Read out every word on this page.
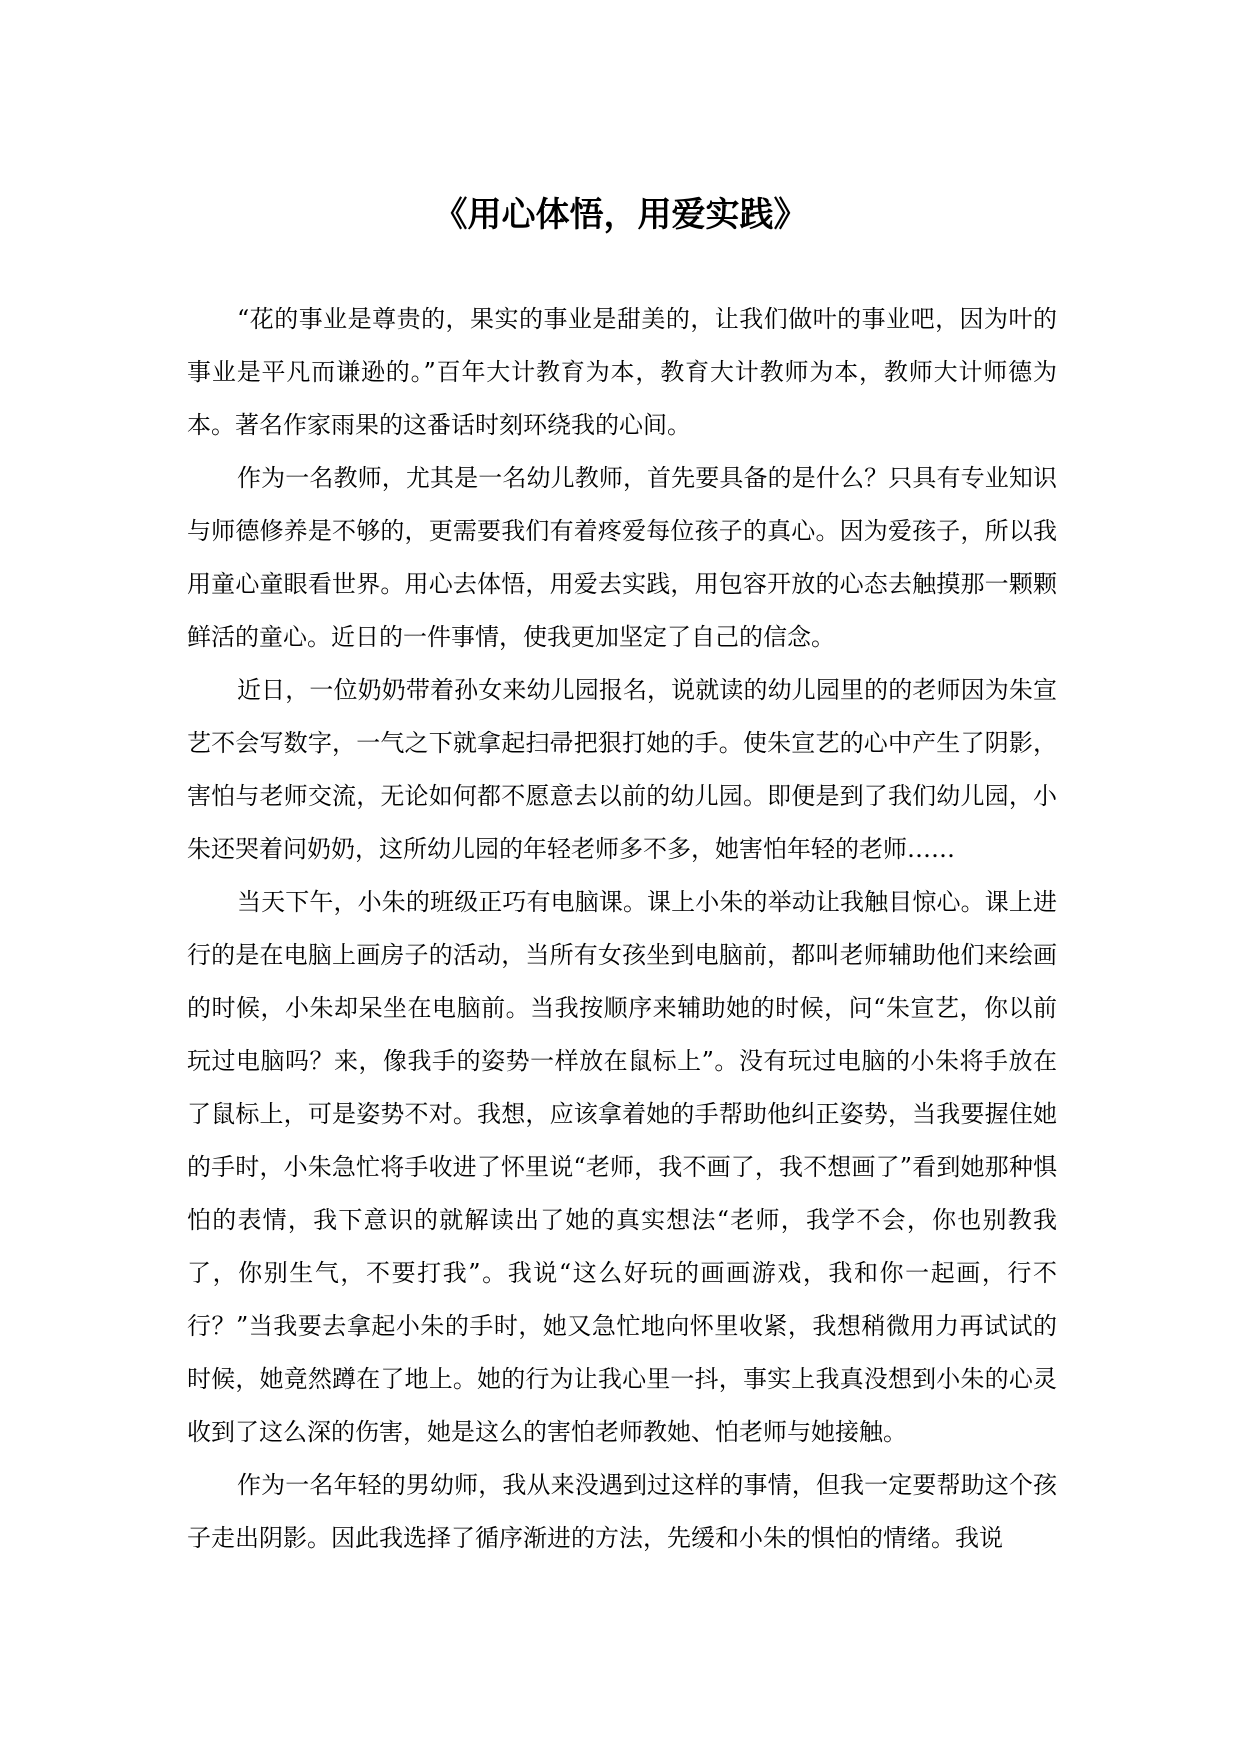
《用心体悟，用爱实践》

“花的事业是尊贵的，果实的事业是甜美的，让我们做叶的事业吧，因为叶的事业是平凡而谦逊的。”百年大计教育为本，教育大计教师为本，教师大计师德为本。著名作家雨果的这番话时刻环绕我的心间。

作为一名教师，尤其是一名幼儿教师，首先要具备的是什么？只具有专业知识与师德修养是不够的，更需要我们有着疼爱每位孩子的真心。因为爱孩子，所以我用童心童眼看世界。用心去体悟，用爱去实践，用包容开放的心态去触摸那一颗颗鲜活的童心。近日的一件事情，使我更加坚定了自己的信念。

近日，一位奶奶带着孙女来幼儿园报名，说就读的幼儿园里的的老师因为朱宣艺不会写数字，一气之下就拿起扫帚把狠打她的手。使朱宣艺的心中产生了阴影，害怕与老师交流，无论如何都不愿意去以前的幼儿园。即便是到了我们幼儿园，小朱还哭着问奶奶，这所幼儿园的年轻老师多不多，她害怕年轻的老师……

当天下午，小朱的班级正巧有电脑课。课上小朱的举动让我触目惊心。课上进行的是在电脑上画房子的活动，当所有女孩坐到电脑前，都叫老师辅助他们来绘画的时候，小朱却呆坐在电脑前。当我按顺序来辅助她的时候，问“朱宣艺，你以前玩过电脑吗？来，像我手的姿势一样放在鼠标上”。没有玩过电脑的小朱将手放在了鼠标上，可是姿势不对。我想，应该拿着她的手帮助他纠正姿势，当我要握住她的手时，小朱急忙将手收进了怀里说“老师，我不画了，我不想画了”看到她那种惧怕的表情，我下意识的就解读出了她的真实想法“老师，我学不会，你也别教我了，你别生气，不要打我”。我说“这么好玩的画画游戏，我和你一起画，行不行？”当我要去拿起小朱的手时，她又急忙地向怀里收紧，我想稍微用力再试试的时候，她竟然蹲在了地上。她的行为让我心里一抖，事实上我真没想到小朱的心灵收到了这么深的伤害，她是这么的害怕老师教她、怕老师与她接触。

作为一名年轻的男幼师，我从来没遇到过这样的事情，但我一定要帮助这个孩子走出阴影。因此我选择了循序渐进的方法，先缓和小朱的惧怕的情绪。我说
